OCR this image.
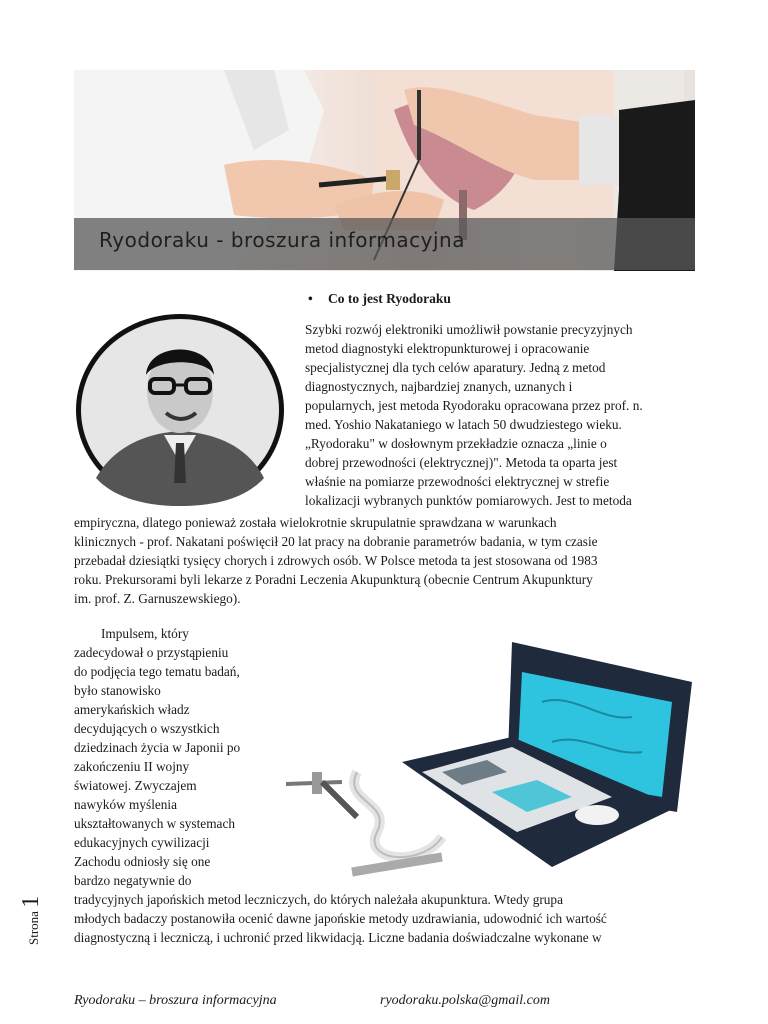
Ryodoraku - broszura informacyjna
• Co to jest Ryodoraku

Szybki rozwój elektroniki umożliwił powstanie precyzyjnych
metod diagnostyki elektropunkturowej i opracowanie
specjalistycznej dla tych celów aparatury. Jedną z metod
diagnostycznych, najbardziej znanych, uznanych i
popularnych, jest metoda Ryodoraku opracowana przez prof. n.
med. Yoshio Nakataniego w latach 50 dwudziestego wieku.
„Ryodoraku" w dosłownym przekładzie oznacza „linie o
dobrej przewodności (elektrycznej)". Metoda ta oparta jest
właśnie na pomiarze przewodności elektrycznej w strefie
lokalizacji wybranych punktów pomiarowych. Jest to metoda

empiryczna, dlatego ponieważ została wielokrotnie skrupulatnie sprawdzana w warunkach
klinicznych - prof. Nakatani poświęcił 20 lat pracy na dobranie parametrów badania, w tym czasie
przebadał dziesiątki tysięcy chorych i zdrowych osób. W Polsce metoda ta jest stosowana od 1983
roku. Prekursorami byli lekarze z Poradni Leczenia Akupunkturą (obecnie Centrum Akupunktury
im. prof. Z. Garnuszewskiego).

Impulsem, który
zadecydował o przystąpieniu
do podjęcia tego tematu badań,
było stanowisko
amerykańskich władz
decydujących o wszystkich
dziedzinach życia w Japonii po
zakończeniu II wojny
światowej. Zwyczajem
nawyków myślenia
ukształtowanych w systemach
edukacyjnych cywilizacji
Zachodu odniosły się one
bardzo negatywnie do

tradycyjnych japońskich metod leczniczych, do których należała akupunktura. Wtedy grupa
młodych badaczy postanowiła ocenić dawne japońskie metody uzdrawiania, udowodnić ich wartość
diagnostyczną i leczniczą, i uchronić przed likwidacją. Liczne badania doświadczalne wykonane w

Strona 1
Ryodoraku – broszura informacyjna	ryodoraku.polska@gmail.com
